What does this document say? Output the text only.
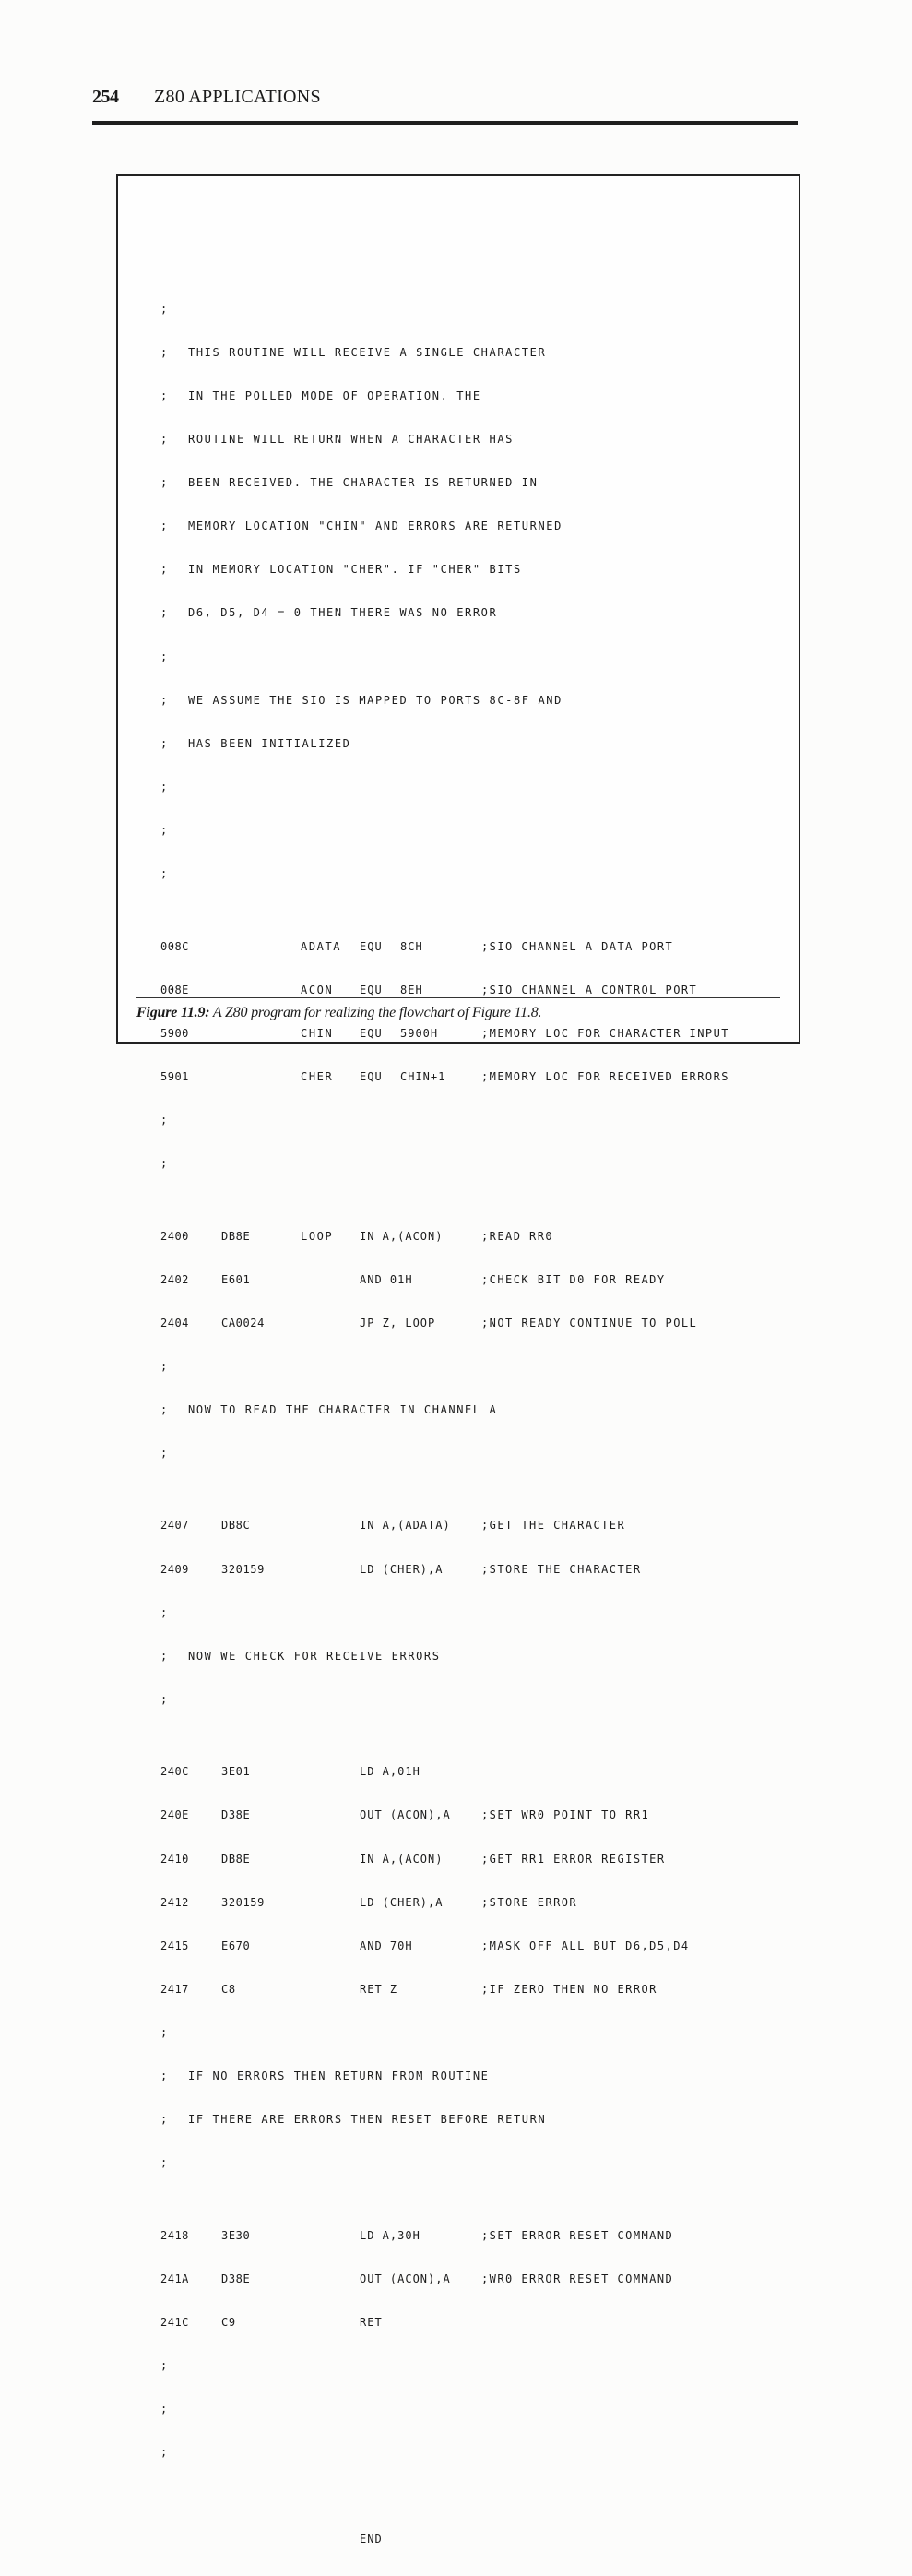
254 Z80 APPLICATIONS

;

; THIS ROUTINE WILL RECEIVE A SINGLE CHARACTER

; IN THE POLLED MODE OF OPERATION. THE

; ROUTINE WILL RETURN WHEN A CHARACTER HAS

; BEEN RECEIVED. THE CHARACTER IS RETURNED IN

; MEMORY LOCATION "CHIN" AND ERRORS ARE RETURNED

; IN MEMORY LOCATION "CHER". IF "CHER" BITS

; D6, D5, D4 = 0 THEN THERE WAS NO ERROR

;

; WE ASSUME THE SIO IS MAPPED TO PORTS 8C-8F AND

; HAS BEEN INITIALIZED

;

;

;

008C	ADATA EQU 8CH	;SIO CHANNEL A DATA PORT

008E	ACON EQU 8EH	;SIO CHANNEL A CONTROL PORT

5900	CHIN EQU 5900H	;MEMORY LOC FOR CHARACTER INPUT

5901	CHER EQU CHIN+1	;MEMORY LOC FOR RECEIVED ERRORS

;

;

2400	DB8E	LOOP IN A,(ACON)	;READ RR0

2402	E601	AND 01H	;CHECK BIT D0 FOR READY

2404	CA0024	JP Z, LOOP	;NOT READY CONTINUE TO POLL

;

; NOW TO READ THE CHARACTER IN CHANNEL A

;

2407	DB8C	IN A,(ADATA)	;GET THE CHARACTER

2409	320159	LD (CHER),A	;STORE THE CHARACTER

;

; NOW WE CHECK FOR RECEIVE ERRORS

;

240C	3E01	LD A,01H

240E	D38E	OUT (ACON),A	;SET WR0 POINT TO RR1

2410	DB8E	IN A,(ACON)	;GET RR1 ERROR REGISTER

2412	320159	LD (CHER),A	;STORE ERROR

2415	E670	AND 70H	;MASK OFF ALL BUT D6,D5,D4

2417	C8	RET Z	;IF ZERO THEN NO ERROR

;

; IF NO ERRORS THEN RETURN FROM ROUTINE

; IF THERE ARE ERRORS THEN RESET BEFORE RETURN

;

2418	3E30	LD A,30H	;SET ERROR RESET COMMAND

241A	D38E	OUT (ACON),A	;WR0 ERROR RESET COMMAND

241C	C9	RET

;

;

;

END

Figure 11.9: A Z80 program for realizing the flowchart of Figure 11.8.
